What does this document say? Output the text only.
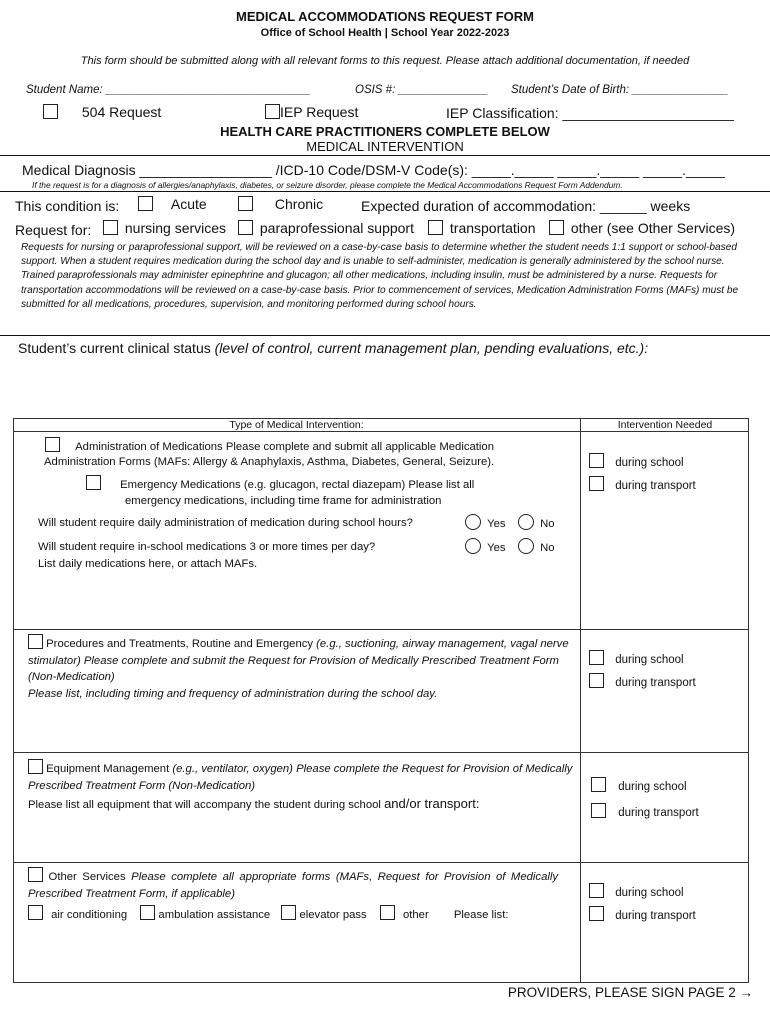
MEDICAL ACCOMMODATIONS REQUEST FORM
Office of School Health | School Year 2022-2023
This form should be submitted along with all relevant forms to this request. Please attach additional documentation, if needed
Student Name: ________________________________	OSIS #: ______________ Student’s Date of Birth: _______________
504 Request	IEP Request	IEP Classification: ______________________
HEALTH CARE PRACTITIONERS COMPLETE BELOW
MEDICAL INTERVENTION
Medical Diagnosis _________________ /ICD-10 Code/DSM-V Code(s): _____._____ _____._____ _____._____
If the request is for a diagnosis of allergies/anaphylaxis, diabetes, or seizure disorder, please complete the Medical Accommodations Request Form Addendum.
This condition is:	Acute	Chronic	Expected duration of accommodation: ______ weeks
Request for:	nursing services	paraprofessional support	transportation	other (see Other Services)
Requests for nursing or paraprofessional support, will be reviewed on a case-by-case basis to determine whether the student needs 1:1 support or school-based support. When a student requires medication during the school day and is unable to self-administer, medication is generally administered by the school nurse. Trained paraprofessionals may administer epinephrine and glucagon; all other medications, including insulin, must be administered by a nurse. Requests for transportation accommodations will be reviewed on a case-by-case basis. Prior to commencement of services, Medication Administration Forms (MAFs) must be submitted for all medications, procedures, supervision, and monitoring performed during school hours.
Student’s current clinical status (level of control, current management plan, pending evaluations, etc.):
Type of Medical Intervention:	Intervention Needed
Administration of Medications Please complete and submit all applicable Medication
Administration Forms (MAFs: Allergy & Anaphylaxis, Asthma, Diabetes, General, Seizure).
Emergency Medications (e.g. glucagon, rectal diazepam) Please list all
emergency medications, including time frame for administration
Will student require daily administration of medication during school hours?	Yes	No
Will student require in-school medications 3 or more times per day?	Yes	No
List daily medications here, or attach MAFs.
during school
during transport
Procedures and Treatments, Routine and Emergency (e.g., suctioning, airway management, vagal nerve stimulator) Please complete and submit the Request for Provision of Medically Prescribed Treatment Form (Non-Medication)
Please list, including timing and frequency of administration during the school day.
during school
during transport
Equipment Management (e.g., ventilator, oxygen) Please complete the Request for Provision of Medically Prescribed Treatment Form (Non-Medication)
Please list all equipment that will accompany the student during school and/or transport:
during school
during transport
Other Services Please complete all appropriate forms (MAFs, Request for Provision of Medically Prescribed Treatment Form, if applicable)
air conditioning	ambulation assistance	elevator pass	other Please list:
during school
during transport
PROVIDERS, PLEASE SIGN PAGE 2 →
